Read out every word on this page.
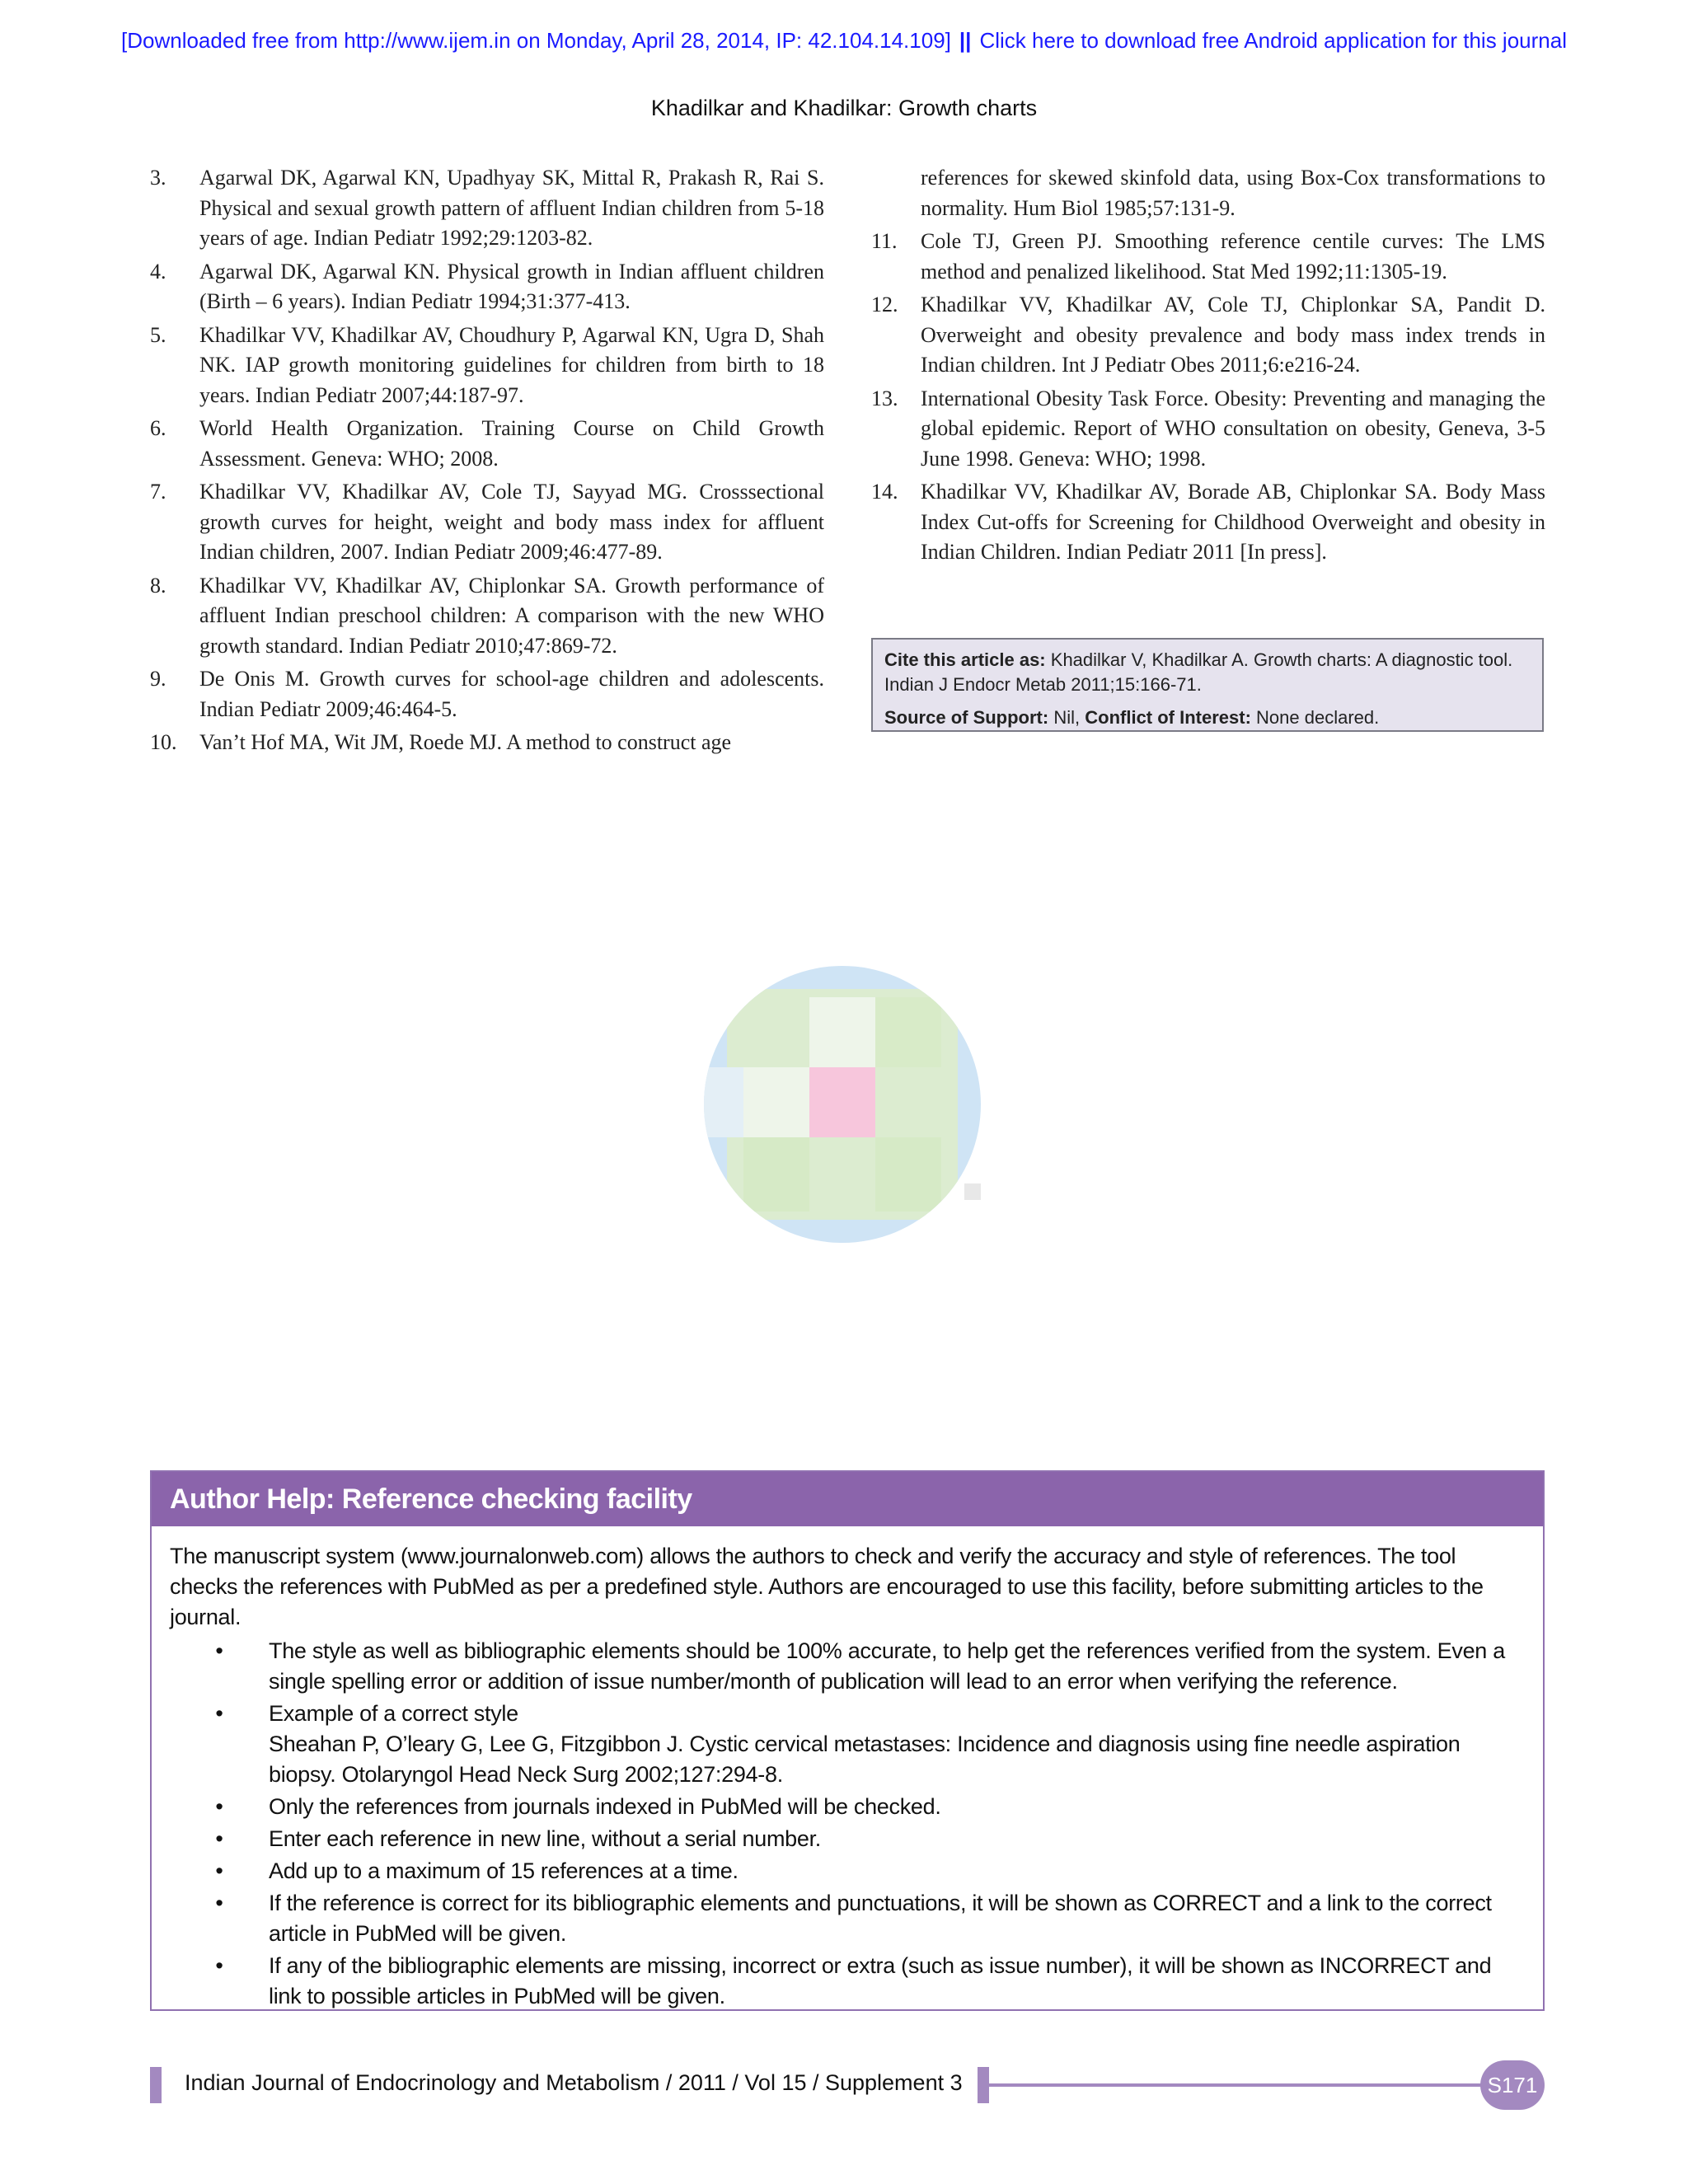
[Downloaded free from http://www.ijem.in on Monday, April 28, 2014, IP: 42.104.14.109] || Click here to download free Android application for this journal
Khadilkar and Khadilkar: Growth charts
3.	Agarwal DK, Agarwal KN, Upadhyay SK, Mittal R, Prakash R, Rai S. Physical and sexual growth pattern of affluent Indian children from 5-18 years of age. Indian Pediatr 1992;29:1203-82.
4.	Agarwal DK, Agarwal KN. Physical growth in Indian affluent children (Birth – 6 years). Indian Pediatr 1994;31:377-413.
5.	Khadilkar VV, Khadilkar AV, Choudhury P, Agarwal KN, Ugra D, Shah NK. IAP growth monitoring guidelines for children from birth to 18 years. Indian Pediatr 2007;44:187-97.
6.	World Health Organization. Training Course on Child Growth Assessment. Geneva: WHO; 2008.
7.	Khadilkar VV, Khadilkar AV, Cole TJ, Sayyad MG. Crosssectional growth curves for height, weight and body mass index for affluent Indian children, 2007. Indian Pediatr 2009;46:477-89.
8.	Khadilkar VV, Khadilkar AV, Chiplonkar SA. Growth performance of affluent Indian preschool children: A comparison with the new WHO growth standard. Indian Pediatr 2010;47:869-72.
9.	De Onis M. Growth curves for school-age children and adolescents. Indian Pediatr 2009;46:464-5.
10.	Van’t Hof MA, Wit JM, Roede MJ. A method to construct age
references for skewed skinfold data, using Box-Cox transformations to normality. Hum Biol 1985;57:131-9.
11.	Cole TJ, Green PJ. Smoothing reference centile curves: The LMS method and penalized likelihood. Stat Med 1992;11:1305-19.
12.	Khadilkar VV, Khadilkar AV, Cole TJ, Chiplonkar SA, Pandit D. Overweight and obesity prevalence and body mass index trends in Indian children. Int J Pediatr Obes 2011;6:e216-24.
13.	International Obesity Task Force. Obesity: Preventing and managing the global epidemic. Report of WHO consultation on obesity, Geneva, 3-5 June 1998. Geneva: WHO; 1998.
14.	Khadilkar VV, Khadilkar AV, Borade AB, Chiplonkar SA. Body Mass Index Cut-offs for Screening for Childhood Overweight and obesity in Indian Children. Indian Pediatr 2011 [In press].
Cite this article as: Khadilkar V, Khadilkar A. Growth charts: A diagnostic tool. Indian J Endocr Metab 2011;15:166-71.
Source of Support: Nil, Conflict of Interest: None declared.
Author Help: Reference checking facility
The manuscript system (www.journalonweb.com) allows the authors to check and verify the accuracy and style of references. The tool checks the references with PubMed as per a predefined style. Authors are encouraged to use this facility, before submitting articles to the journal.
•	The style as well as bibliographic elements should be 100% accurate, to help get the references verified from the system. Even a single spelling error or addition of issue number/month of publication will lead to an error when verifying the reference.
•	Example of a correct style
Sheahan P, O’leary G, Lee G, Fitzgibbon J. Cystic cervical metastases: Incidence and diagnosis using fine needle aspiration biopsy. Otolaryngol Head Neck Surg 2002;127:294-8.
•	Only the references from journals indexed in PubMed will be checked.
•	Enter each reference in new line, without a serial number.
•	Add up to a maximum of 15 references at a time.
•	If the reference is correct for its bibliographic elements and punctuations, it will be shown as CORRECT and a link to the correct article in PubMed will be given.
•	If any of the bibliographic elements are missing, incorrect or extra (such as issue number), it will be shown as INCORRECT and link to possible articles in PubMed will be given.
Indian Journal of Endocrinology and Metabolism / 2011 / Vol 15 / Supplement 3	S171
